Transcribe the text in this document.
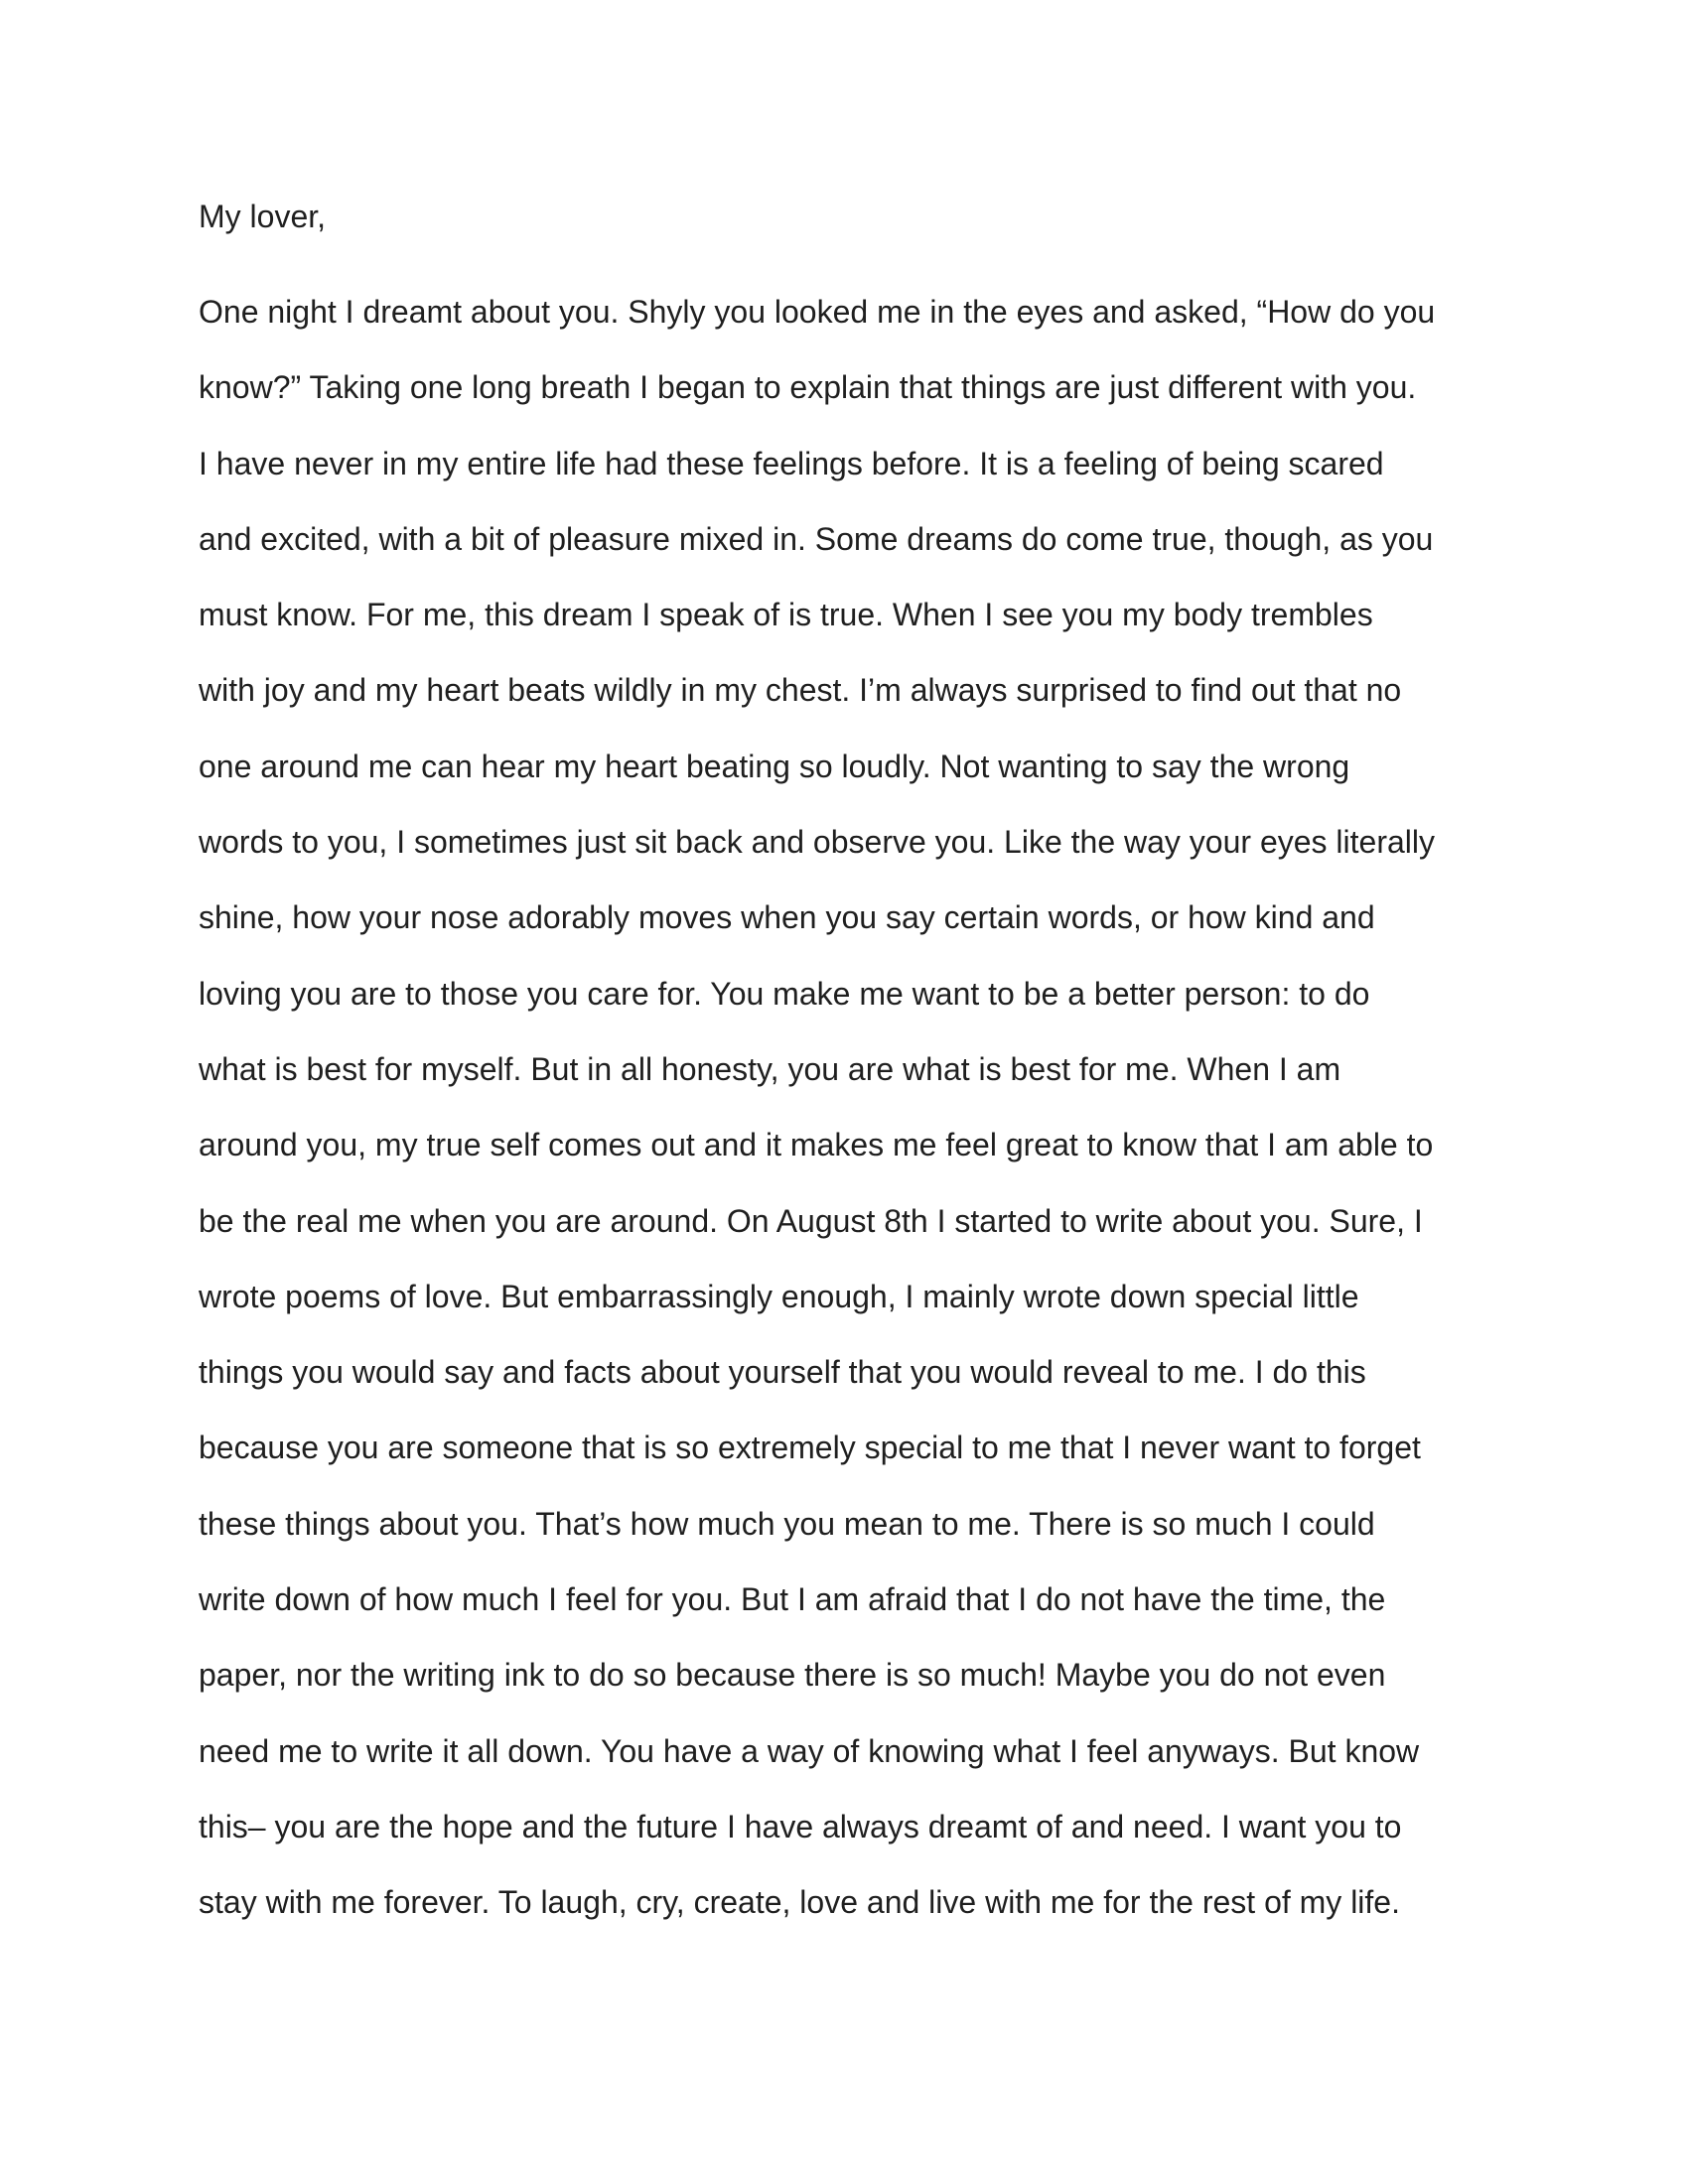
My lover,

One night I dreamt about you. Shyly you looked me in the eyes and asked, “How do you
know?” Taking one long breath I began to explain that things are just different with you.
I have never in my entire life had these feelings before. It is a feeling of being scared
and excited, with a bit of pleasure mixed in. Some dreams do come true, though, as you
must know. For me, this dream I speak of is true. When I see you my body trembles
with joy and my heart beats wildly in my chest. I’m always surprised to find out that no
one around me can hear my heart beating so loudly. Not wanting to say the wrong
words to you, I sometimes just sit back and observe you. Like the way your eyes literally
shine, how your nose adorably moves when you say certain words, or how kind and
loving you are to those you care for. You make me want to be a better person: to do
what is best for myself. But in all honesty, you are what is best for me. When I am
around you, my true self comes out and it makes me feel great to know that I am able to
be the real me when you are around. On August 8th I started to write about you. Sure, I
wrote poems of love. But embarrassingly enough, I mainly wrote down special little
things you would say and facts about yourself that you would reveal to me. I do this
because you are someone that is so extremely special to me that I never want to forget
these things about you. That’s how much you mean to me. There is so much I could
write down of how much I feel for you. But I am afraid that I do not have the time, the
paper, nor the writing ink to do so because there is so much! Maybe you do not even
need me to write it all down. You have a way of knowing what I feel anyways. But know
this– you are the hope and the future I have always dreamt of and need. I want you to
stay with me forever. To laugh, cry, create, love and live with me for the rest of my life.
